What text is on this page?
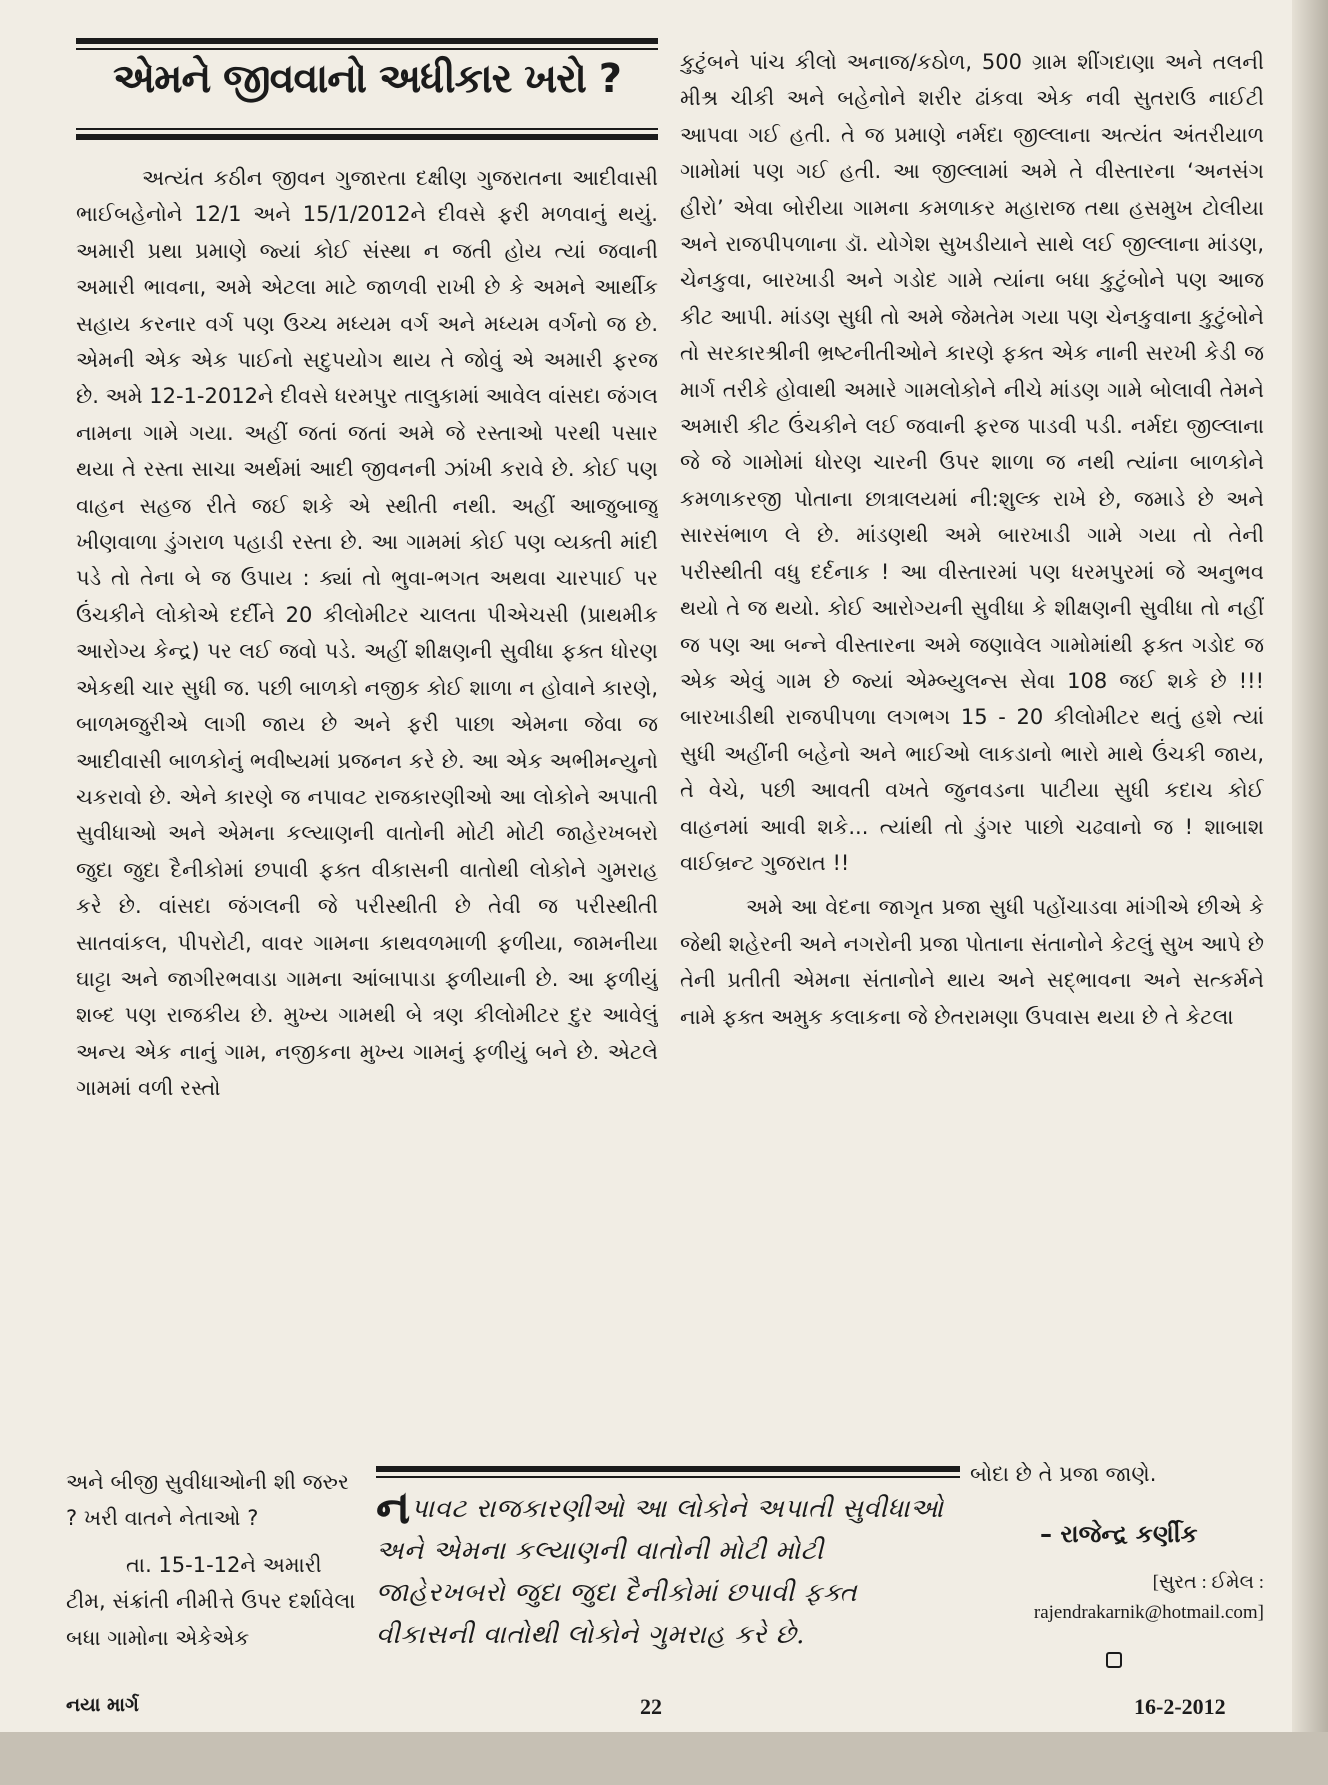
એમને જીવવાનો અધીકાર ખરો ?

અત્યંત કઠીન જીવન ગુજારતા દક્ષીણ ગુજરાતના આદીવાસી ભાઈબહેનોને 12/1 અને 15/1/2012ને દીવસે ફરી મળવાનું થયું. અમારી પ્રથા પ્રમાણે જ્યાં કોઈ સંસ્થા ન જતી હોય ત્યાં જવાની અમારી ભાવના, અમે એટલા માટે જાળવી રાખી છે કે અમને આર્થીક સહાય કરનાર વર્ગ પણ ઉચ્ચ મધ્યમ વર્ગ અને મધ્યમ વર્ગનો જ છે. એમની એક એક પાઈનો સદુપયોગ થાય તે જોવું એ અમારી ફરજ છે. અમે 12-1-2012ને દીવસે ધરમપુર તાલુકામાં આવેલ વાંસદા જંગલ નામના ગામે ગયા. અહીં જતાં જતાં અમે જે રસ્તાઓ પરથી પસાર થયા તે રસ્તા સાચા અર્થમાં આદી જીવનની ઝાંખી કરાવે છે. કોઈ પણ વાહન સહજ રીતે જઈ શકે એ સ્થીતી નથી. અહીં આજુબાજુ ખીણવાળા ડુંગરાળ પહાડી રસ્તા છે. આ ગામમાં કોઈ પણ વ્યક્તી માંદી પડે તો તેના બે જ ઉપાય : ક્યાં તો ભુવા-ભગત અથવા ચારપાઈ પર ઉંચકીને લોકોએ દર્દીને 20 કીલોમીટર ચાલતા પીએચસી (પ્રાથમીક આરોગ્ય કેન્દ્ર) પર લઈ જવો પડે. અહીં શીક્ષણની સુવીધા ફક્ત ધોરણ એકથી ચાર સુધી જ. પછી બાળકો નજીક કોઈ શાળા ન હોવાને કારણે, બાળમજુરીએ લાગી જાય છે અને ફરી પાછા એમના જેવા જ આદીવાસી બાળકોનું ભવીષ્યમાં પ્રજનન કરે છે. આ એક અભીમન્યુનો ચકરાવો છે. એને કારણે જ નપાવટ રાજકારણીઓ આ લોકોને અપાતી સુવીધાઓ અને એમના કલ્યાણની વાતોની મોટી મોટી જાહેરખબરો જુદા જુદા દૈનીકોમાં છપાવી ફક્ત વીકાસની વાતોથી લોકોને ગુમરાહ કરે છે. વાંસદા જંગલની જે પરીસ્થીતી છે તેવી જ પરીસ્થીતી સાતવાંકલ, પીપરોટી, વાવર ગામના કાથવળમાળી ફળીયા, જામનીયા ઘાટ્ટા અને જાગીરભવાડા ગામના આંબાપાડા ફળીયાની છે. આ ફળીયું શબ્દ પણ રાજકીય છે. મુખ્ય ગામથી બે ત્રણ કીલોમીટર દુર આવેલું અન્ય એક નાનું ગામ, નજીકના મુખ્ય ગામનું ફળીયું બને છે. એટલે ગામમાં વળી રસ્તો

અને બીજી સુવીધાઓની શી જરુર ? ખરી વાતને નેતાઓ ?

તા. 15-1-12ને અમારી ટીમ, સંક્રાંતી નીમીત્તે ઉપર દર્શાવેલા બધા ગામોના એકેએક

કુટુંબને પાંચ કીલો અનાજ/કઠોળ, 500 ગ્રામ શીંગદાણા અને તલની મીશ્ર ચીકી અને બહેનોને શરીર ઢાંકવા એક નવી સુતરાઉ નાઈટી આપવા ગઈ હતી. તે જ પ્રમાણે નર્મદા જીલ્લાના અત્યંત અંતરીયાળ ગામોમાં પણ ગઈ હતી. આ જીલ્લામાં અમે તે વીસ્તારના ‘અનસંગ હીરો’ એવા બોરીયા ગામના કમળાકર મહારાજ તથા હસમુખ ટોલીયા અને રાજપીપળાના ડૉ. યોગેશ સુખડીયાને સાથે લઈ જીલ્લાના માંડણ, ચેનકુવા, બારખાડી અને ગડોદ ગામે ત્યાંના બધા કુટુંબોને પણ આજ કીટ આપી. માંડણ સુધી તો અમે જેમતેમ ગયા પણ ચેનકુવાના કુટુંબોને તો સરકારશ્રીની ભ્રષ્ટનીતીઓને કારણે ફક્ત એક નાની સરખી કેડી જ માર્ગ તરીકે હોવાથી અમારે ગામલોકોને નીચે માંડણ ગામે બોલાવી તેમને અમારી કીટ ઉંચકીને લઈ જવાની ફરજ પાડવી પડી. નર્મદા જીલ્લાના જે જે ગામોમાં ધોરણ ચારની ઉપર શાળા જ નથી ત્યાંના બાળકોને કમળાકરજી પોતાના છાત્રાલયમાં ની:શુલ્ક રાખે છે, જમાડે છે અને સારસંભાળ લે છે. માંડણથી અમે બારખાડી ગામે ગયા તો તેની પરીસ્થીતી વધુ દર્દનાક ! આ વીસ્તારમાં પણ ધરમપુરમાં જે અનુભવ થયો તે જ થયો. કોઈ આરોગ્યની સુવીધા કે શીક્ષણની સુવીધા તો નહીં જ પણ આ બન્ને વીસ્તારના અમે જણાવેલ ગામોમાંથી ફક્ત ગડોદ જ એક એવું ગામ છે જ્યાં એમ્બ્યુલન્સ સેવા 108 જઈ શકે છે !!! બારખાડીથી રાજપીપળા લગભગ 15 - 20 કીલોમીટર થતું હશે ત્યાં સુધી અહીંની બહેનો અને ભાઈઓ લાકડાનો ભારો માથે ઉંચકી જાય, તે વેચે, પછી આવતી વખતે જુનવડના પાટીયા સુધી કદાચ કોઈ વાહનમાં આવી શકે... ત્યાંથી તો ડુંગર પાછો ચઢવાનો જ ! શાબાશ વાઈબ્રન્ટ ગુજરાત !!

અમે આ વેદના જાગૃત પ્રજા સુધી પહોંચાડવા માંગીએ છીએ કે જેથી શહેરની અને નગરોની પ્રજા પોતાના સંતાનોને કેટલું સુખ આપે છે તેની પ્રતીતી એમના સંતાનોને થાય અને સદ્ભાવના અને સત્કર્મને નામે ફક્ત અમુક કલાકના જે છેતરામણા ઉપવાસ થયા છે તે કેટલા

નપાવટ રાજકારણીઓ આ લોકોને અપાતી સુવીધાઓ અને એમના કલ્યાણની વાતોની મોટી મોટી જાહેરખબરો જુદા જુદા દૈનીકોમાં છપાવી ફક્ત વીકાસની વાતોથી લોકોને ગુમરાહ કરે છે.
બોદા છે તે પ્રજા જાણે.
– રાજેન્દ્ર કર્ણીક
[સુરત : ઈમેલ :
rajendrakarnik@hotmail.com]
નયા માર્ગ	22	16-2-2012
